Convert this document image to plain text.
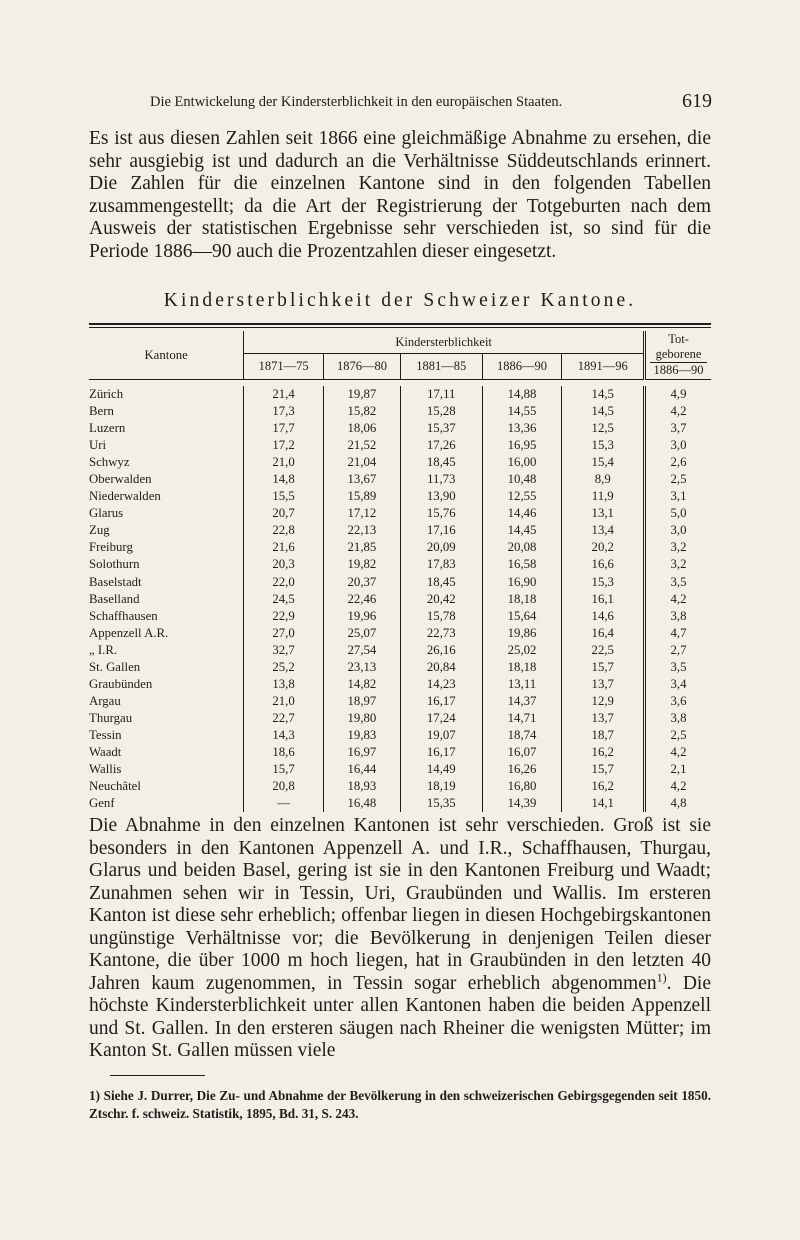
Die Entwickelung der Kindersterblichkeit in den europäischen Staaten.	619

Es ist aus diesen Zahlen seit 1866 eine gleichmäßige Abnahme zu ersehen, die sehr ausgiebig ist und dadurch an die Verhältnisse Süddeutschlands erinnert. Die Zahlen für die einzelnen Kantone sind in den folgenden Tabellen zusammengestellt; da die Art der Registrierung der Totgeburten nach dem Ausweis der statistischen Ergebnisse sehr verschieden ist, so sind für die Periode 1886—90 auch die Prozentzahlen dieser eingesetzt.

Kindersterblichkeit der Schweizer Kantone.
Kantone	Kindersterblichkeit					Tot-
geborene
1886—90

	1871—75	1876—80	1881—85	1886—90	1891—96	

Zürich	21,4	19,87	17,11	14,88	14,5	4,9
Bern	17,3	15,82	15,28	14,55	14,5	4,2
Luzern	17,7	18,06	15,37	13,36	12,5	3,7
Uri	17,2	21,52	17,26	16,95	15,3	3,0
Schwyz	21,0	21,04	18,45	16,00	15,4	2,6
Oberwalden	14,8	13,67	11,73	10,48	8,9	2,5
Niederwalden	15,5	15,89	13,90	12,55	11,9	3,1
Glarus	20,7	17,12	15,76	14,46	13,1	5,0
Zug	22,8	22,13	17,16	14,45	13,4	3,0
Freiburg	21,6	21,85	20,09	20,08	20,2	3,2
Solothurn	20,3	19,82	17,83	16,58	16,6	3,2
Baselstadt	22,0	20,37	18,45	16,90	15,3	3,5
Baselland	24,5	22,46	20,42	18,18	16,1	4,2
Schaffhausen	22,9	19,96	15,78	15,64	14,6	3,8
Appenzell A.R.	27,0	25,07	22,73	19,86	16,4	4,7
„ I.R.	32,7	27,54	26,16	25,02	22,5	2,7
St. Gallen	25,2	23,13	20,84	18,18	15,7	3,5
Graubünden	13,8	14,82	14,23	13,11	13,7	3,4
Argau	21,0	18,97	16,17	14,37	12,9	3,6
Thurgau	22,7	19,80	17,24	14,71	13,7	3,8
Tessin	14,3	19,83	19,07	18,74	18,7	2,5
Waadt	18,6	16,97	16,17	16,07	16,2	4,2
Wallis	15,7	16,44	14,49	16,26	15,7	2,1
Neuchâtel	20,8	18,93	18,19	16,80	16,2	4,2
Genf	—	16,48	15,35	14,39	14,1	4,8

Die Abnahme in den einzelnen Kantonen ist sehr verschieden. Groß ist sie besonders in den Kantonen Appenzell A. und I.R., Schaffhausen, Thurgau, Glarus und beiden Basel, gering ist sie in den Kantonen Freiburg und Waadt; Zunahmen sehen wir in Tessin, Uri, Graubünden und Wallis. Im ersteren Kanton ist diese sehr erheblich; offenbar liegen in diesen Hochgebirgskantonen ungünstige Verhältnisse vor; die Bevölkerung in denjenigen Teilen dieser Kantone, die über 1000 m hoch liegen, hat in Graubünden in den letzten 40 Jahren kaum zugenommen, in Tessin sogar erheblich abgenommen$^{1)}$. Die höchste Kindersterblichkeit unter allen Kantonen haben die beiden Appenzell und St. Gallen. In den ersteren säugen nach Rheiner die wenigsten Mütter; im Kanton St. Gallen müssen viele

1) Siehe J. Durrer, Die Zu- und Abnahme der Bevölkerung in den schweizerischen Gebirgsgegenden seit 1850. Ztschr. f. schweiz. Statistik, 1895, Bd. 31, S. 243.
